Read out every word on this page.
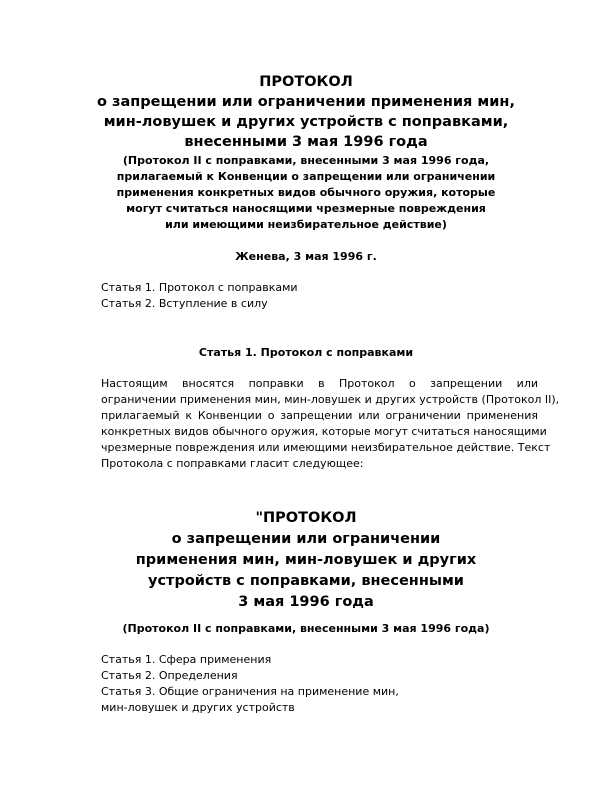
ПРОТОКОЛ
о запрещении или ограничении применения мин,
мин-ловушек и других устройств с поправками,
внесенными 3 мая 1996 года
(Протокол II с поправками, внесенными 3 мая 1996 года,
прилагаемый к Конвенции о запрещении или ограничении
применения конкретных видов обычного оружия, которые
могут считаться наносящими чрезмерные повреждения
или имеющими неизбирательное действие)
Женева, 3 мая 1996 г.
Статья 1. Протокол с поправками
Статья 2. Вступление в силу
Статья 1. Протокол с поправками
Настоящим вносятся поправки в Протокол о запрещении или
ограничении применения мин, мин-ловушек и других устройств (Протокол II),
прилагаемый к Конвенции о запрещении или ограничении применения
конкретных видов обычного оружия, которые могут считаться наносящими
чрезмерные повреждения или имеющими неизбирательное действие. Текст
Протокола с поправками гласит следующее:
"ПРОТОКОЛ
о запрещении или ограничении
применения мин, мин-ловушек и других
устройств с поправками, внесенными
3 мая 1996 года
(Протокол II с поправками, внесенными 3 мая 1996 года)
Статья 1. Сфера применения
Статья 2. Определения
Статья 3. Общие ограничения на применение мин,
мин-ловушек и других устройств
